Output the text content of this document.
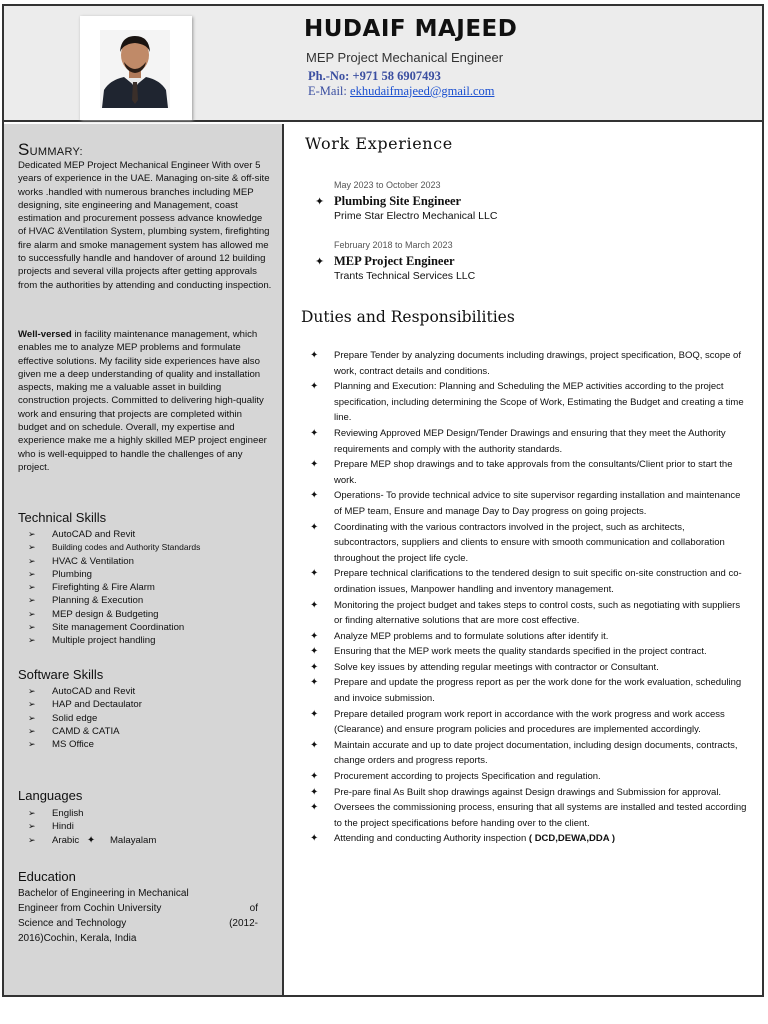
HUDAIF MAJEED
MEP Project Mechanical Engineer
Ph.-No: +971 58 6907493
E-Mail: ekhudaifmajeed@gmail.com
SUMMARY:
Dedicated MEP Project Mechanical Engineer With over 5 years of experience in the UAE. Managing on-site & off-site works .handled with numerous branches including MEP designing, site engineering and Management, coast estimation and procurement possess advance knowledge of HVAC &Ventilation System, plumbing system, firefighting fire alarm and smoke management system has allowed me to successfully handle and handover of around 12 building projects and several villa projects after getting approvals from the authorities by attending and conducting inspection.
Well-versed in facility maintenance management, which enables me to analyze MEP problems and formulate effective solutions. My facility side experiences have also given me a deep understanding of quality and installation aspects, making me a valuable asset in building construction projects. Committed to delivering high-quality work and ensuring that projects are completed within budget and on schedule. Overall, my expertise and experience make me a highly skilled MEP project engineer who is well-equipped to handle the challenges of any project.
Technical Skills
➢ AutoCAD and Revit
➢ Building codes and Authority Standards
➢ HVAC & Ventilation
➢ Plumbing
➢ Firefighting & Fire Alarm
➢ Planning & Execution
➢ MEP design & Budgeting
➢ Site management Coordination
➢ Multiple project handling
Software Skills
➢ AutoCAD and Revit
➢ HAP and Dectaulator
➢ Solid edge
➢ CAMD & CATIA
➢ MS Office
Languages
➢ English
➢ Hindi
➢ Arabic ✦ Malayalam
Education
Bachelor of Engineering in Mechanical
Engineer from Cochin University	of
Science and Technology	(2012-
2016)Cochin, Kerala, India
Work Experience
May 2023 to October 2023
✦ Plumbing Site Engineer
Prime Star Electro Mechanical LLC
February 2018 to March 2023
✦ MEP Project Engineer
Trants Technical Services LLC
Duties and Responsibilities
✦ Prepare Tender by analyzing documents including drawings, project specification, BOQ, scope of work, contract details and conditions.
✦ Planning and Execution: Planning and Scheduling the MEP activities according to the project specification, including determining the Scope of Work, Estimating the Budget and creating a time line.
✦ Reviewing Approved MEP Design/Tender Drawings and ensuring that they meet the Authority requirements and comply with the authority standards.
✦ Prepare MEP shop drawings and to take approvals from the consultants/Client prior to start the work.
✦ Operations- To provide technical advice to site supervisor regarding installation and maintenance of MEP team, Ensure and manage Day to Day progress on going projects.
✦ Coordinating with the various contractors involved in the project, such as architects, subcontractors, suppliers and clients to ensure with smooth communication and collaboration throughout the project life cycle.
✦ Prepare technical clarifications to the tendered design to suit specific on-site construction and co-ordination issues, Manpower handling and inventory management.
✦ Monitoring the project budget and takes steps to control costs, such as negotiating with suppliers or finding alternative solutions that are more cost effective.
✦ Analyze MEP problems and to formulate solutions after identify it.
✦ Ensuring that the MEP work meets the quality standards specified in the project contract.
✦ Solve key issues by attending regular meetings with contractor or Consultant.
✦ Prepare and update the progress report as per the work done for the work evaluation, scheduling and invoice submission.
✦ Prepare detailed program work report in accordance with the work progress and work access (Clearance) and ensure program policies and procedures are implemented accordingly.
✦ Maintain accurate and up to date project documentation, including design documents, contracts, change orders and progress reports.
✦ Procurement according to projects Specification and regulation.
✦ Pre-pare final As Built shop drawings against Design drawings and Submission for approval.
✦ Oversees the commissioning process, ensuring that all systems are installed and tested according to the project specifications before handing over to the client.
✦ Attending and conducting Authority inspection ( DCD,DEWA,DDA )
